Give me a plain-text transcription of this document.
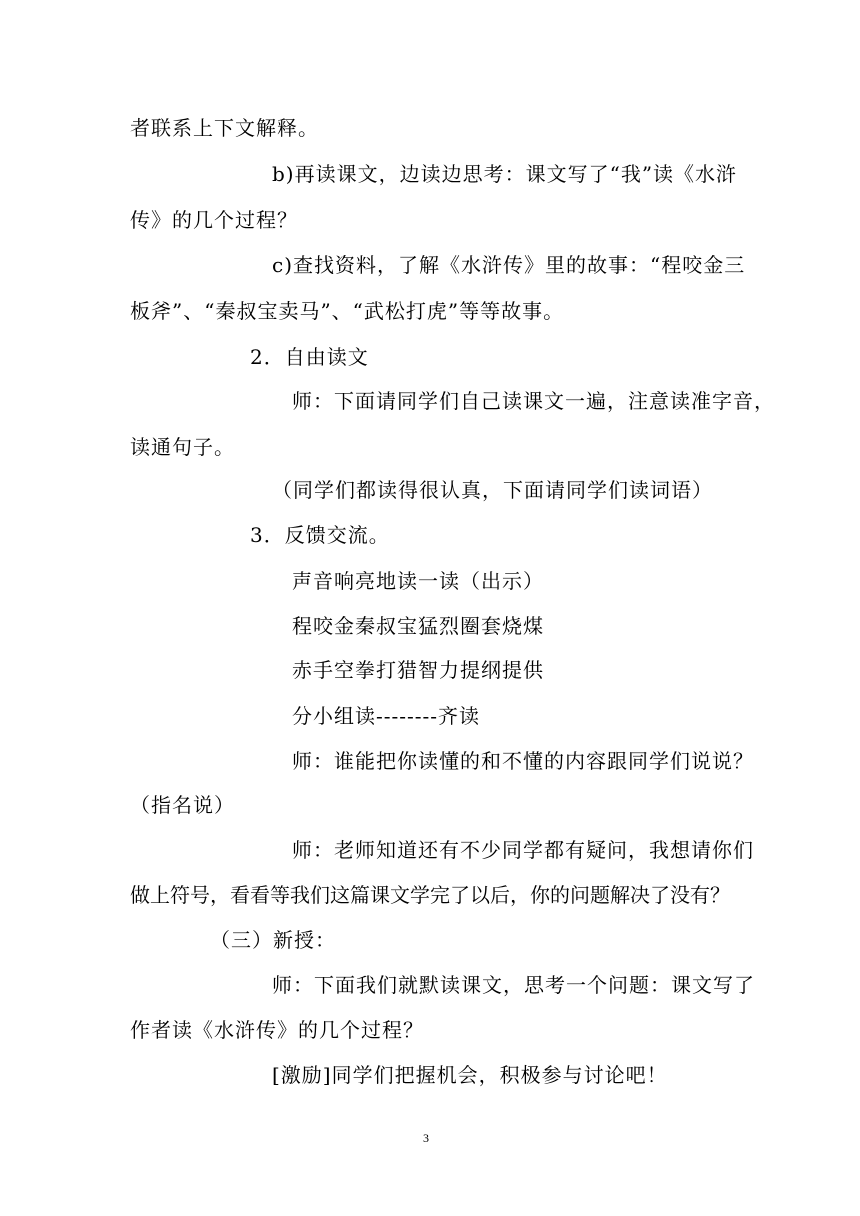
者联系上下文解释。
b)再读课文，边读边思考：课文写了“我”读《水浒
传》的几个过程？
c)查找资料，了解《水浒传》里的故事：“程咬金三
板斧”、“秦叔宝卖马”、“武松打虎”等等故事。
2．自由读文
师：下面请同学们自己读课文一遍，注意读准字音，
读通句子。
（同学们都读得很认真，下面请同学们读词语）
3．反馈交流。
声音响亮地读一读（出示）
程咬金秦叔宝猛烈圈套烧煤
赤手空拳打猎智力提纲提供
分小组读--------齐读
师：谁能把你读懂的和不懂的内容跟同学们说说？
（指名说）
师：老师知道还有不少同学都有疑问，我想请你们
做上符号，看看等我们这篇课文学完了以后，你的问题解决了没有？
（三）新授：
师：下面我们就默读课文，思考一个问题：课文写了
作者读《水浒传》的几个过程？
[激励]同学们把握机会，积极参与讨论吧！
3
